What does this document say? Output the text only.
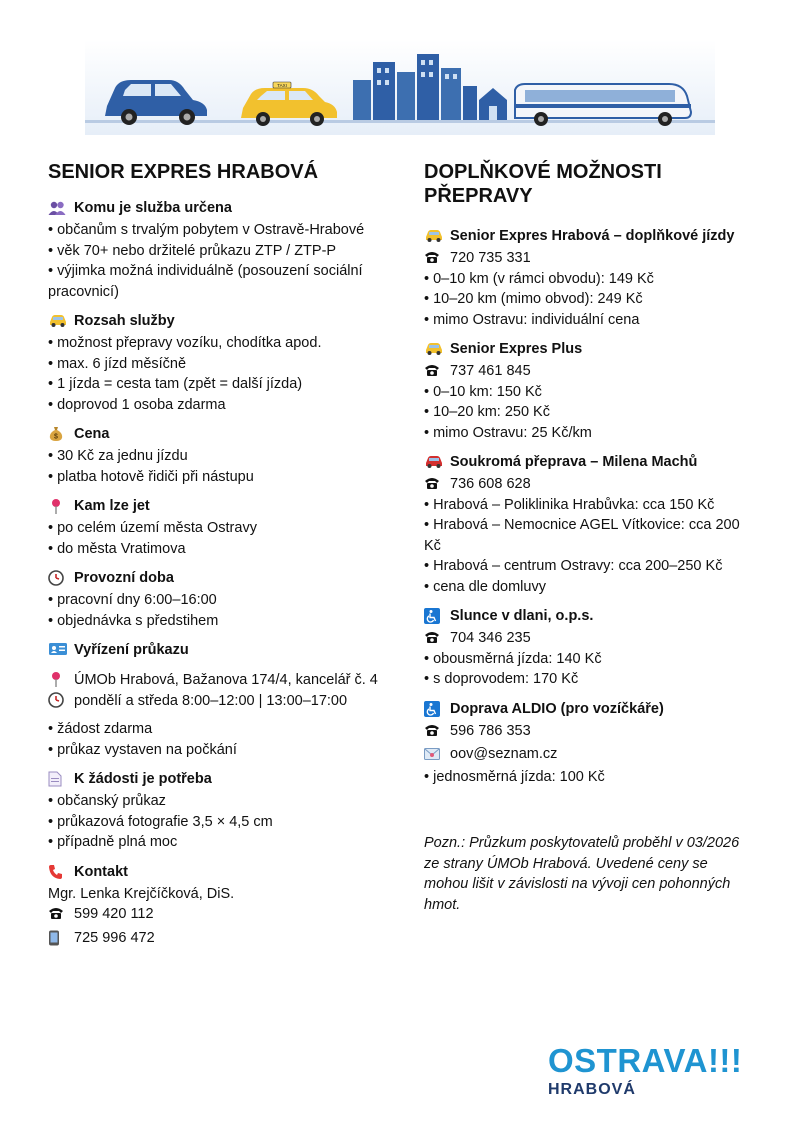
TAXI
SENIOR EXPRES HRABOVÁ
Komu je služba určena
• občanům s trvalým pobytem v Ostravě-Hrabové
• věk 70+ nebo držitelé průkazu ZTP / ZTP-P
• výjimka možná individuálně (posouzení sociální pracovnicí)
Rozsah služby
• možnost přepravy vozíku, chodítka apod.
• max. 6 jízd měsíčně
• 1 jízda = cesta tam (zpět = další jízda)
• doprovod 1 osoba zdarma
$ Cena
• 30 Kč za jednu jízdu
• platba hotově řidiči při nástupu
Kam lze jet
• po celém území města Ostravy
• do města Vratimova
Provozní doba
• pracovní dny 6:00–16:00
• objednávka s předstihem
Vyřízení průkazu
ÚMOb Hrabová, Bažanova 174/4, kancelář č. 4
pondělí a středa 8:00–12:00 | 13:00–17:00
• žádost zdarma
• průkaz vystaven na počkání
K žádosti je potřeba
• občanský průkaz
• průkazová fotografie 3,5 × 4,5 cm
• případně plná moc
Kontakt
Mgr. Lenka Krejčíčková, DiS.
599 420 112
725 996 472
DOPLŇKOVÉ MOŽNOSTI PŘEPRAVY
Senior Expres Hrabová – doplňkové jízdy
720 735 331
• 0–10 km (v rámci obvodu): 149 Kč
• 10–20 km (mimo obvod): 249 Kč
• mimo Ostravu: individuální cena
Senior Expres Plus
737 461 845
• 0–10 km: 150 Kč
• 10–20 km: 250 Kč
• mimo Ostravu: 25 Kč/km
Soukromá přeprava – Milena Machů
736 608 628
• Hrabová – Poliklinika Hrabůvka: cca 150 Kč
• Hrabová – Nemocnice AGEL Vítkovice: cca 200 Kč
• Hrabová – centrum Ostravy: cca 200–250 Kč
• cena dle domluvy
Slunce v dlani, o.p.s.
704 346 235
• obousměrná jízda: 140 Kč
• s doprovodem: 170 Kč
Doprava ALDIO (pro vozíčkáře)
596 786 353
oov@seznam.cz
• jednosměrná jízda: 100 Kč
Pozn.: Průzkum poskytovatelů proběhl v 03/2026 ze strany ÚMOb Hrabová. Uvedené ceny se mohou lišit v závislosti na vývoji cen pohonných hmot.
OSTRAVA!!!
HRABOVÁ
